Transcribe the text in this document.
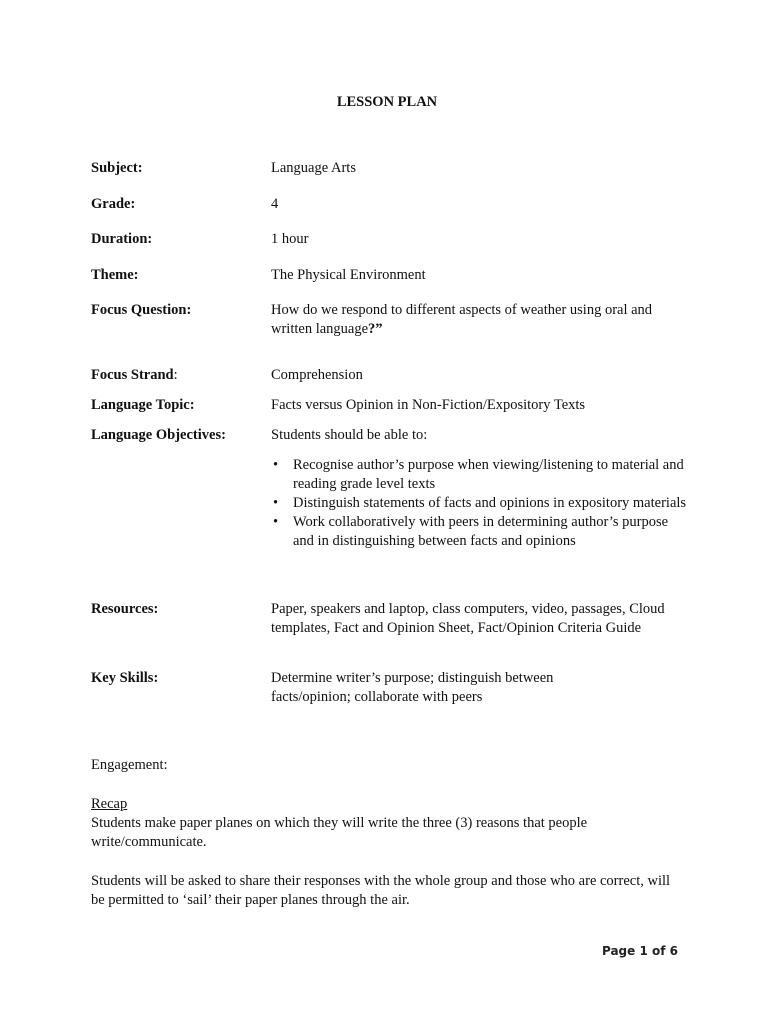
LESSON PLAN
Subject:	Language Arts
Grade:	4
Duration:	1 hour
Theme:	The Physical Environment
Focus Question:	How do we respond to different aspects of weather using oral and
written language?”
Focus Strand:	Comprehension
Language Topic:	Facts versus Opinion in Non-Fiction/Expository Texts
Language Objectives:	Students should be able to:
• Recognise author’s purpose when viewing/listening to material and reading grade level texts
• Distinguish statements of facts and opinions in expository materials
• Work collaboratively with peers in determining author’s purpose and in distinguishing between facts and opinions
Resources:	Paper, speakers and laptop, class computers, video, passages, Cloud templates, Fact and Opinion Sheet, Fact/Opinion Criteria Guide
Key Skills:	Determine writer’s purpose; distinguish between facts/opinion; collaborate with peers
Engagement:
Recap
Students make paper planes on which they will write the three (3) reasons that people write/communicate.
Students will be asked to share their responses with the whole group and those who are correct, will be permitted to ‘sail’ their paper planes through the air.
Page 1 of 6
